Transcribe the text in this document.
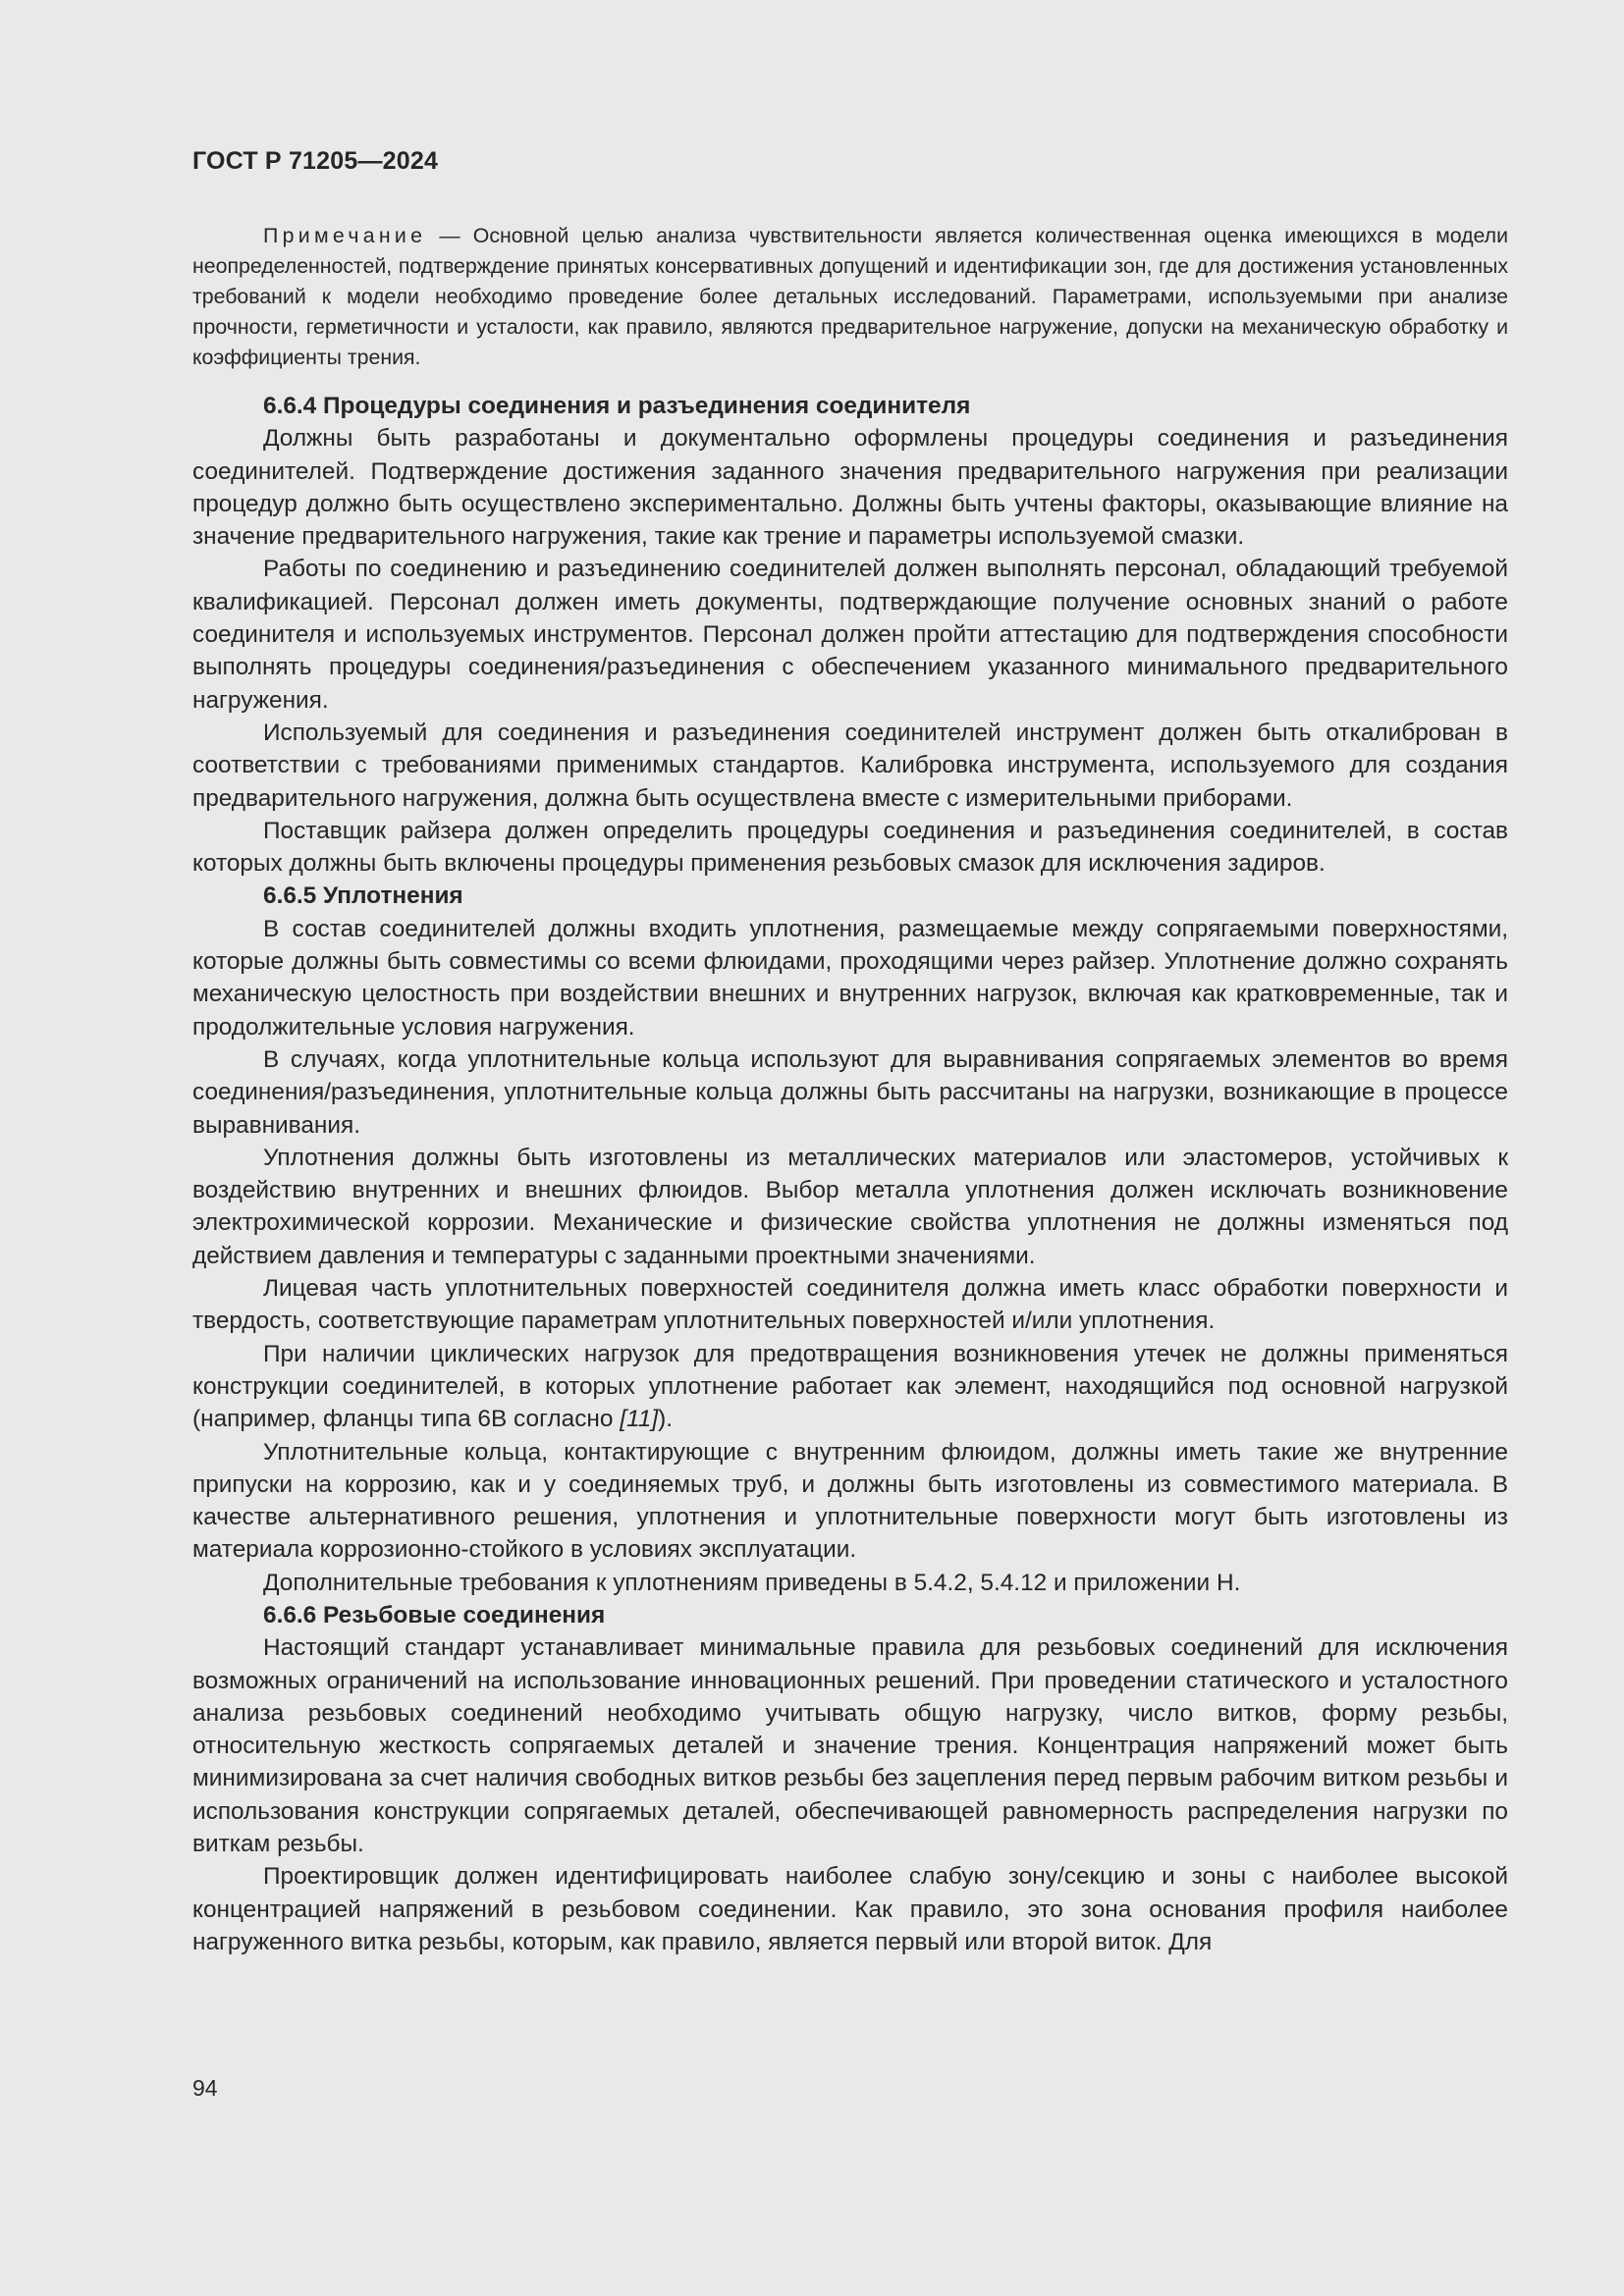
ГОСТ Р 71205—2024

Примечание — Основной целью анализа чувствительности является количественная оценка имеющихся в модели неопределенностей, подтверждение принятых консервативных допущений и идентификации зон, где для достижения установленных требований к модели необходимо проведение более детальных исследований. Параметрами, используемыми при анализе прочности, герметичности и усталости, как правило, являются предварительное нагружение, допуски на механическую обработку и коэффициенты трения.

6.6.4 Процедуры соединения и разъединения соединителя

Должны быть разработаны и документально оформлены процедуры соединения и разъединения соединителей. Подтверждение достижения заданного значения предварительного нагружения при реализации процедур должно быть осуществлено экспериментально. Должны быть учтены факторы, оказывающие влияние на значение предварительного нагружения, такие как трение и параметры используемой смазки.

Работы по соединению и разъединению соединителей должен выполнять персонал, обладающий требуемой квалификацией. Персонал должен иметь документы, подтверждающие получение основных знаний о работе соединителя и используемых инструментов. Персонал должен пройти аттестацию для подтверждения способности выполнять процедуры соединения/разъединения с обеспечением указанного минимального предварительного нагружения.

Используемый для соединения и разъединения соединителей инструмент должен быть откалиброван в соответствии с требованиями применимых стандартов. Калибровка инструмента, используемого для создания предварительного нагружения, должна быть осуществлена вместе с измерительными приборами.

Поставщик райзера должен определить процедуры соединения и разъединения соединителей, в состав которых должны быть включены процедуры применения резьбовых смазок для исключения задиров.

6.6.5 Уплотнения

В состав соединителей должны входить уплотнения, размещаемые между сопрягаемыми поверхностями, которые должны быть совместимы со всеми флюидами, проходящими через райзер. Уплотнение должно сохранять механическую целостность при воздействии внешних и внутренних нагрузок, включая как кратковременные, так и продолжительные условия нагружения.

В случаях, когда уплотнительные кольца используют для выравнивания сопрягаемых элементов во время соединения/разъединения, уплотнительные кольца должны быть рассчитаны на нагрузки, возникающие в процессе выравнивания.

Уплотнения должны быть изготовлены из металлических материалов или эластомеров, устойчивых к воздействию внутренних и внешних флюидов. Выбор металла уплотнения должен исключать возникновение электрохимической коррозии. Механические и физические свойства уплотнения не должны изменяться под действием давления и температуры с заданными проектными значениями.

Лицевая часть уплотнительных поверхностей соединителя должна иметь класс обработки поверхности и твердость, соответствующие параметрам уплотнительных поверхностей и/или уплотнения.

При наличии циклических нагрузок для предотвращения возникновения утечек не должны применяться конструкции соединителей, в которых уплотнение работает как элемент, находящийся под основной нагрузкой (например, фланцы типа 6В согласно [11]).

Уплотнительные кольца, контактирующие с внутренним флюидом, должны иметь такие же внутренние припуски на коррозию, как и у соединяемых труб, и должны быть изготовлены из совместимого материала. В качестве альтернативного решения, уплотнения и уплотнительные поверхности могут быть изготовлены из материала коррозионно-стойкого в условиях эксплуатации.

Дополнительные требования к уплотнениям приведены в 5.4.2, 5.4.12 и приложении Н.

6.6.6 Резьбовые соединения

Настоящий стандарт устанавливает минимальные правила для резьбовых соединений для исключения возможных ограничений на использование инновационных решений. При проведении статического и усталостного анализа резьбовых соединений необходимо учитывать общую нагрузку, число витков, форму резьбы, относительную жесткость сопрягаемых деталей и значение трения. Концентрация напряжений может быть минимизирована за счет наличия свободных витков резьбы без зацепления перед первым рабочим витком резьбы и использования конструкции сопрягаемых деталей, обеспечивающей равномерность распределения нагрузки по виткам резьбы.

Проектировщик должен идентифицировать наиболее слабую зону/секцию и зоны с наиболее высокой концентрацией напряжений в резьбовом соединении. Как правило, это зона основания профиля наиболее нагруженного витка резьбы, которым, как правило, является первый или второй виток. Для

94
